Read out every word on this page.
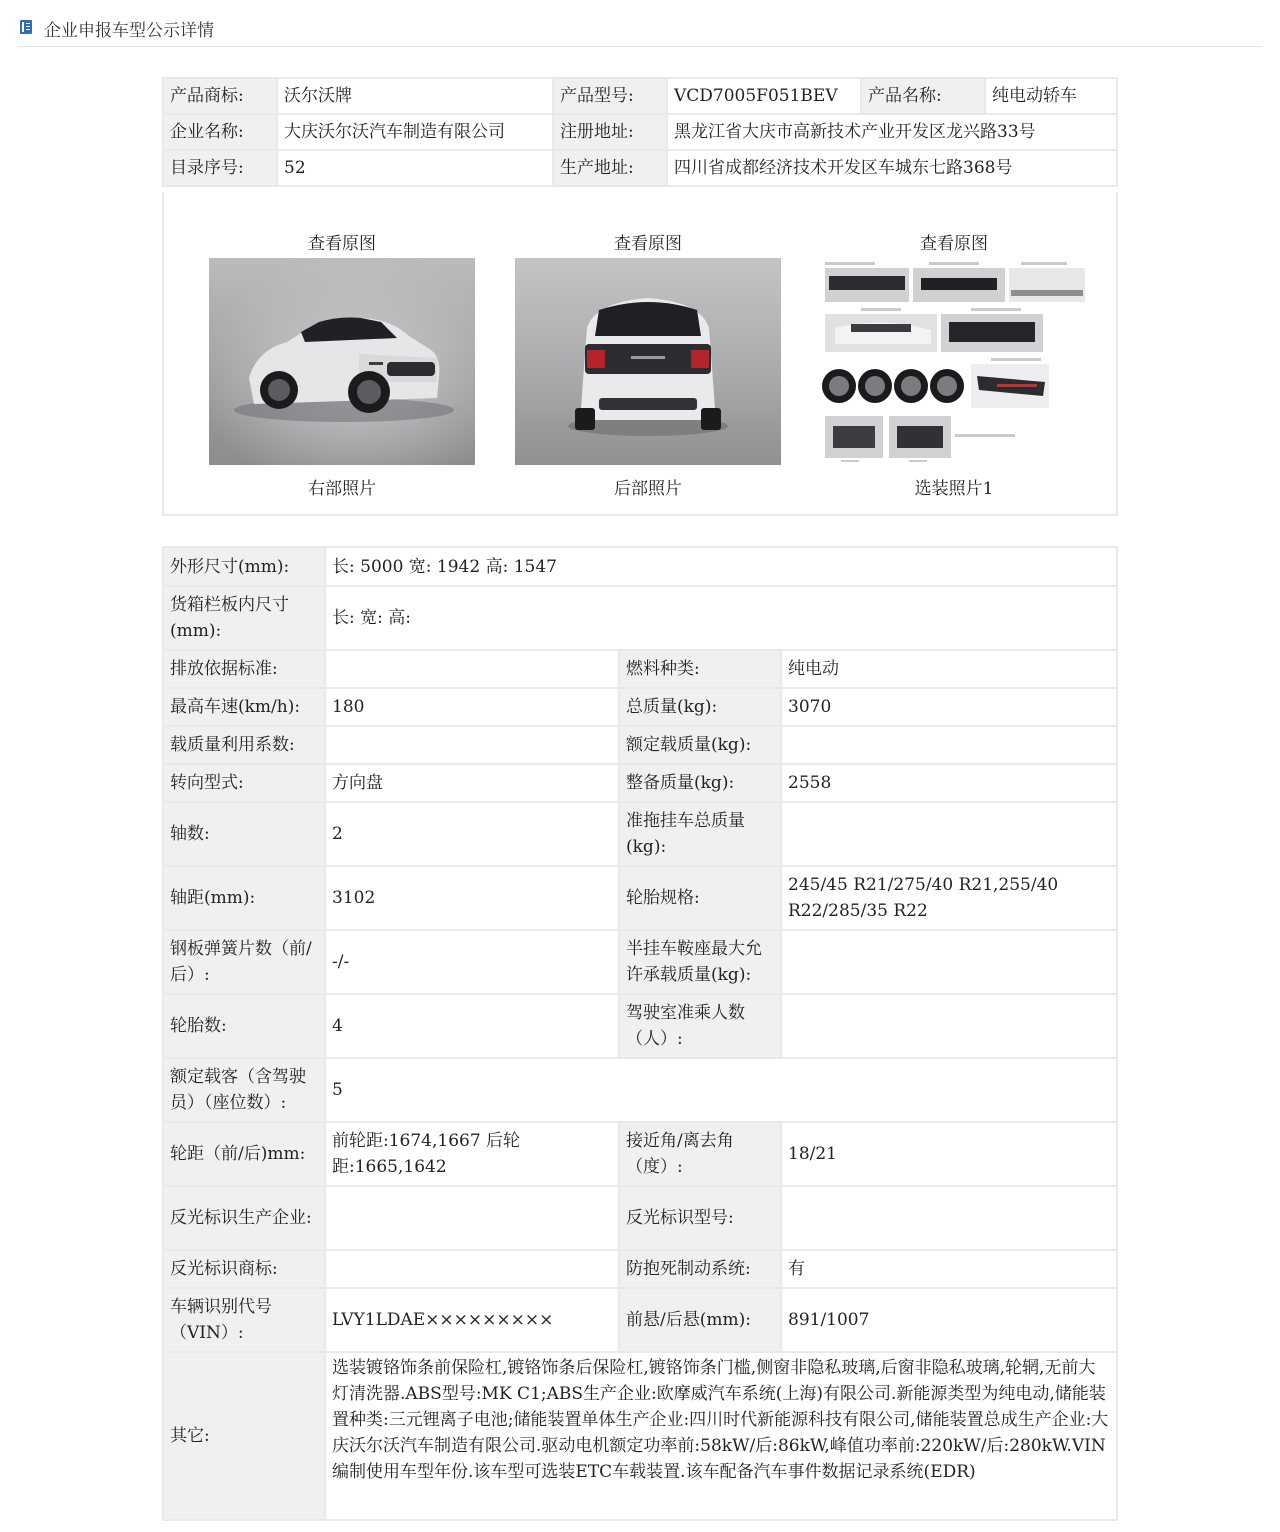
企业申报车型公示详情
产品商标:	沃尔沃牌	产品型号:	VCD7005F051BEV	产品名称:	纯电动轿车
企业名称:	大庆沃尔沃汽车制造有限公司	注册地址:	黑龙江省大庆市高新技术产业开发区龙兴路33号		
目录序号:	52	生产地址:	四川省成都经济技术开发区车城东七路368号		
查看原图
右部照片
查看原图
后部照片
查看原图
选装照片1
外形尺寸(mm):	长: 5000 宽: 1942 高: 1547		
货箱栏板内尺寸(mm):	长: 宽: 高:		
排放依据标准:		燃料种类:	纯电动
最高车速(km/h):	180	总质量(kg):	3070
载质量利用系数:		额定载质量(kg):	
转向型式:	方向盘	整备质量(kg):	2558
轴数:	2	准拖挂车总质量(kg):	
轴距(mm):	3102	轮胎规格:	245/45 R21/275/40 R21,255/40 R22/285/35 R22
钢板弹簧片数（前/后）:	-/-	半挂车鞍座最大允许承载质量(kg):	
轮胎数:	4	驾驶室准乘人数（人）:	
额定载客（含驾驶员）（座位数）:	5		
轮距（前/后)mm:	前轮距:1674,1667 后轮距:1665,1642	接近角/离去角（度）:	18/21
反光标识生产企业:		反光标识型号:	
反光标识商标:		防抱死制动系统:	有
车辆识别代号（VIN）:	LVY1LDAE×××××××××	前悬/后悬(mm):	891/1007
其它:	选装镀铬饰条前保险杠,镀铬饰条后保险杠,镀铬饰条门槛,侧窗非隐私玻璃,后窗非隐私玻璃,轮辋,无前大灯清洗器.ABS型号:MK C1;ABS生产企业:欧摩威汽车系统(上海)有限公司.新能源类型为纯电动,储能装置种类:三元锂离子电池;储能装置单体生产企业:四川时代新能源科技有限公司,储能装置总成生产企业:大庆沃尔沃汽车制造有限公司.驱动电机额定功率前:58kW/后:86kW,峰值功率前:220kW/后:280kW.VIN编制使用车型年份.该车型可选装ETC车载装置.该车配备汽车事件数据记录系统(EDR)		
